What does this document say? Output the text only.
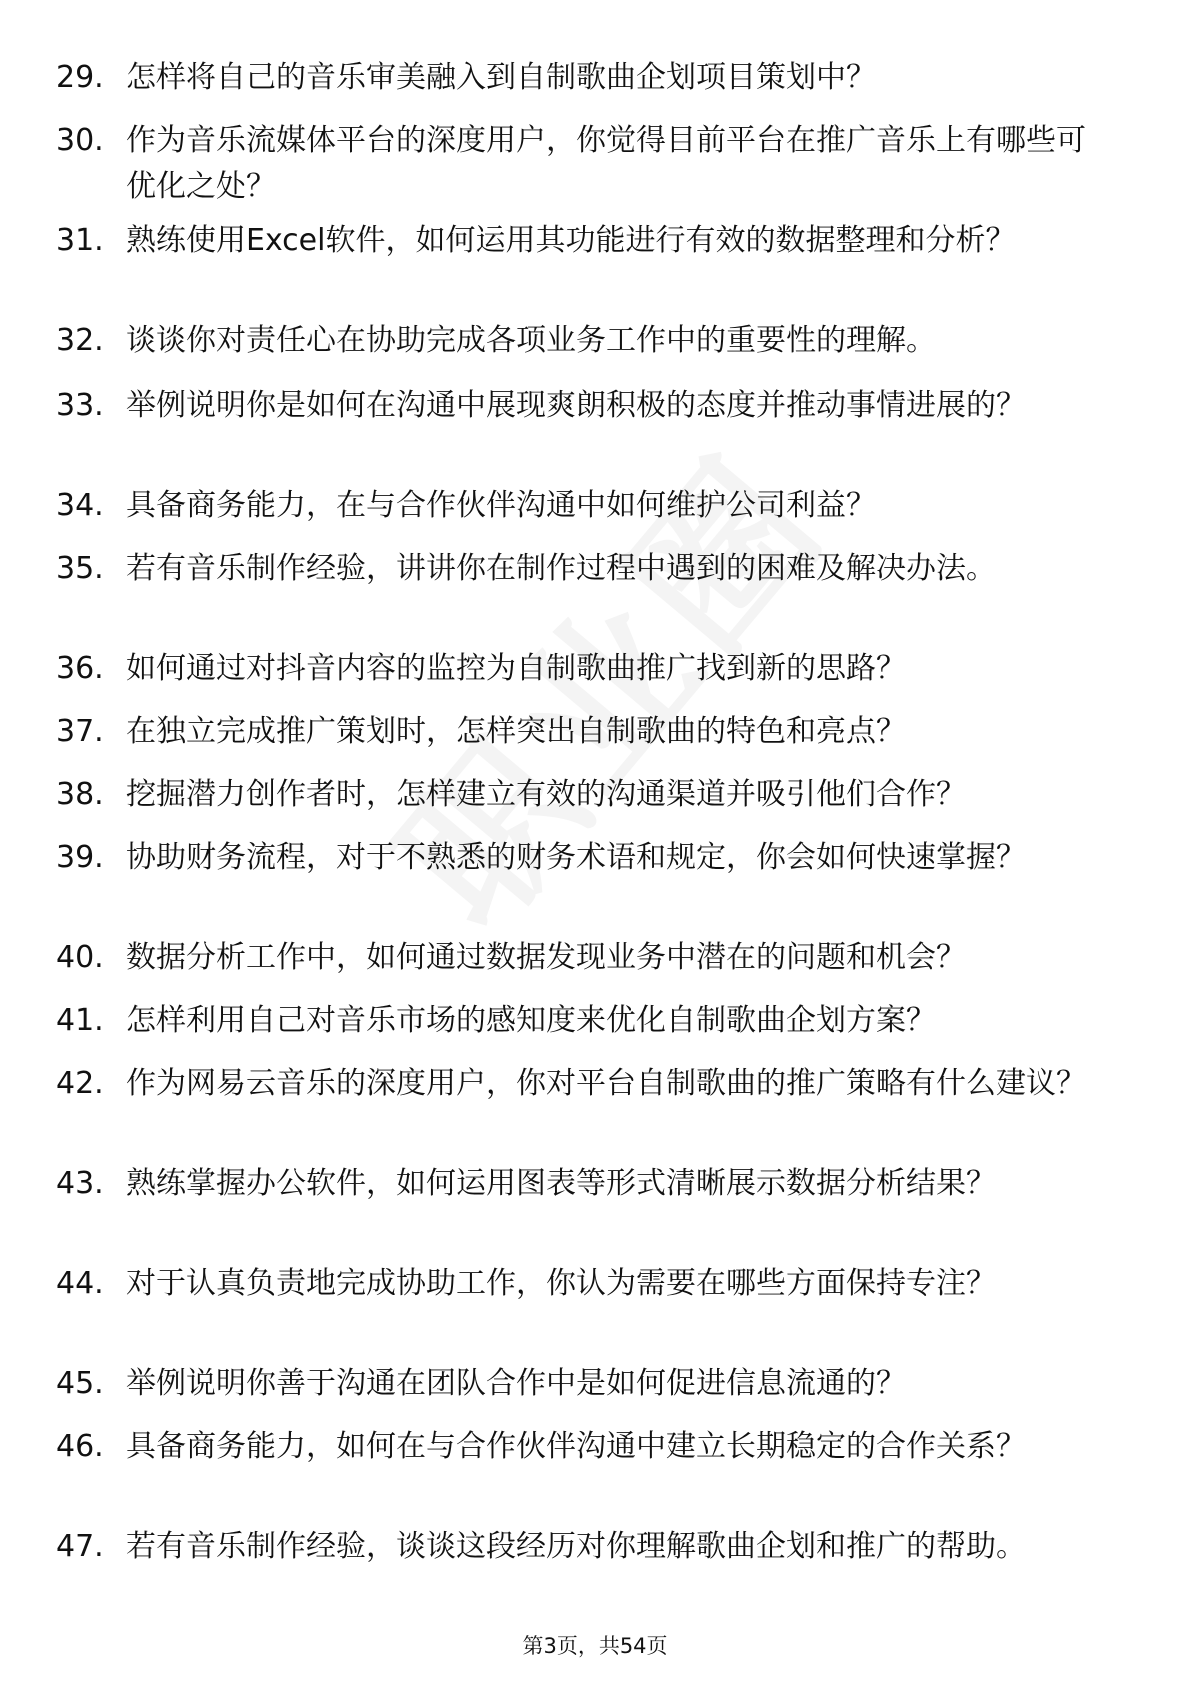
29. 怎样将自己的音乐审美融入到自制歌曲企划项目策划中？
30. 作为音乐流媒体平台的深度用户，你觉得目前平台在推广音乐上有哪些可优化之处？
31. 熟练使用Excel软件，如何运用其功能进行有效的数据整理和分析？
32. 谈谈你对责任心在协助完成各项业务工作中的重要性的理解。
33. 举例说明你是如何在沟通中展现爽朗积极的态度并推动事情进展的？
34. 具备商务能力，在与合作伙伴沟通中如何维护公司利益？
35. 若有音乐制作经验，讲讲你在制作过程中遇到的困难及解决办法。
36. 如何通过对抖音内容的监控为自制歌曲推广找到新的思路？
37. 在独立完成推广策划时，怎样突出自制歌曲的特色和亮点？
38. 挖掘潜力创作者时，怎样建立有效的沟通渠道并吸引他们合作？
39. 协助财务流程，对于不熟悉的财务术语和规定，你会如何快速掌握？
40. 数据分析工作中，如何通过数据发现业务中潜在的问题和机会？
41. 怎样利用自己对音乐市场的感知度来优化自制歌曲企划方案？
42. 作为网易云音乐的深度用户，你对平台自制歌曲的推广策略有什么建议？
43. 熟练掌握办公软件，如何运用图表等形式清晰展示数据分析结果？
44. 对于认真负责地完成协助工作，你认为需要在哪些方面保持专注？
45. 举例说明你善于沟通在团队合作中是如何促进信息流通的？
46. 具备商务能力，如何在与合作伙伴沟通中建立长期稳定的合作关系？
47. 若有音乐制作经验，谈谈这段经历对你理解歌曲企划和推广的帮助。
第3页，共54页
